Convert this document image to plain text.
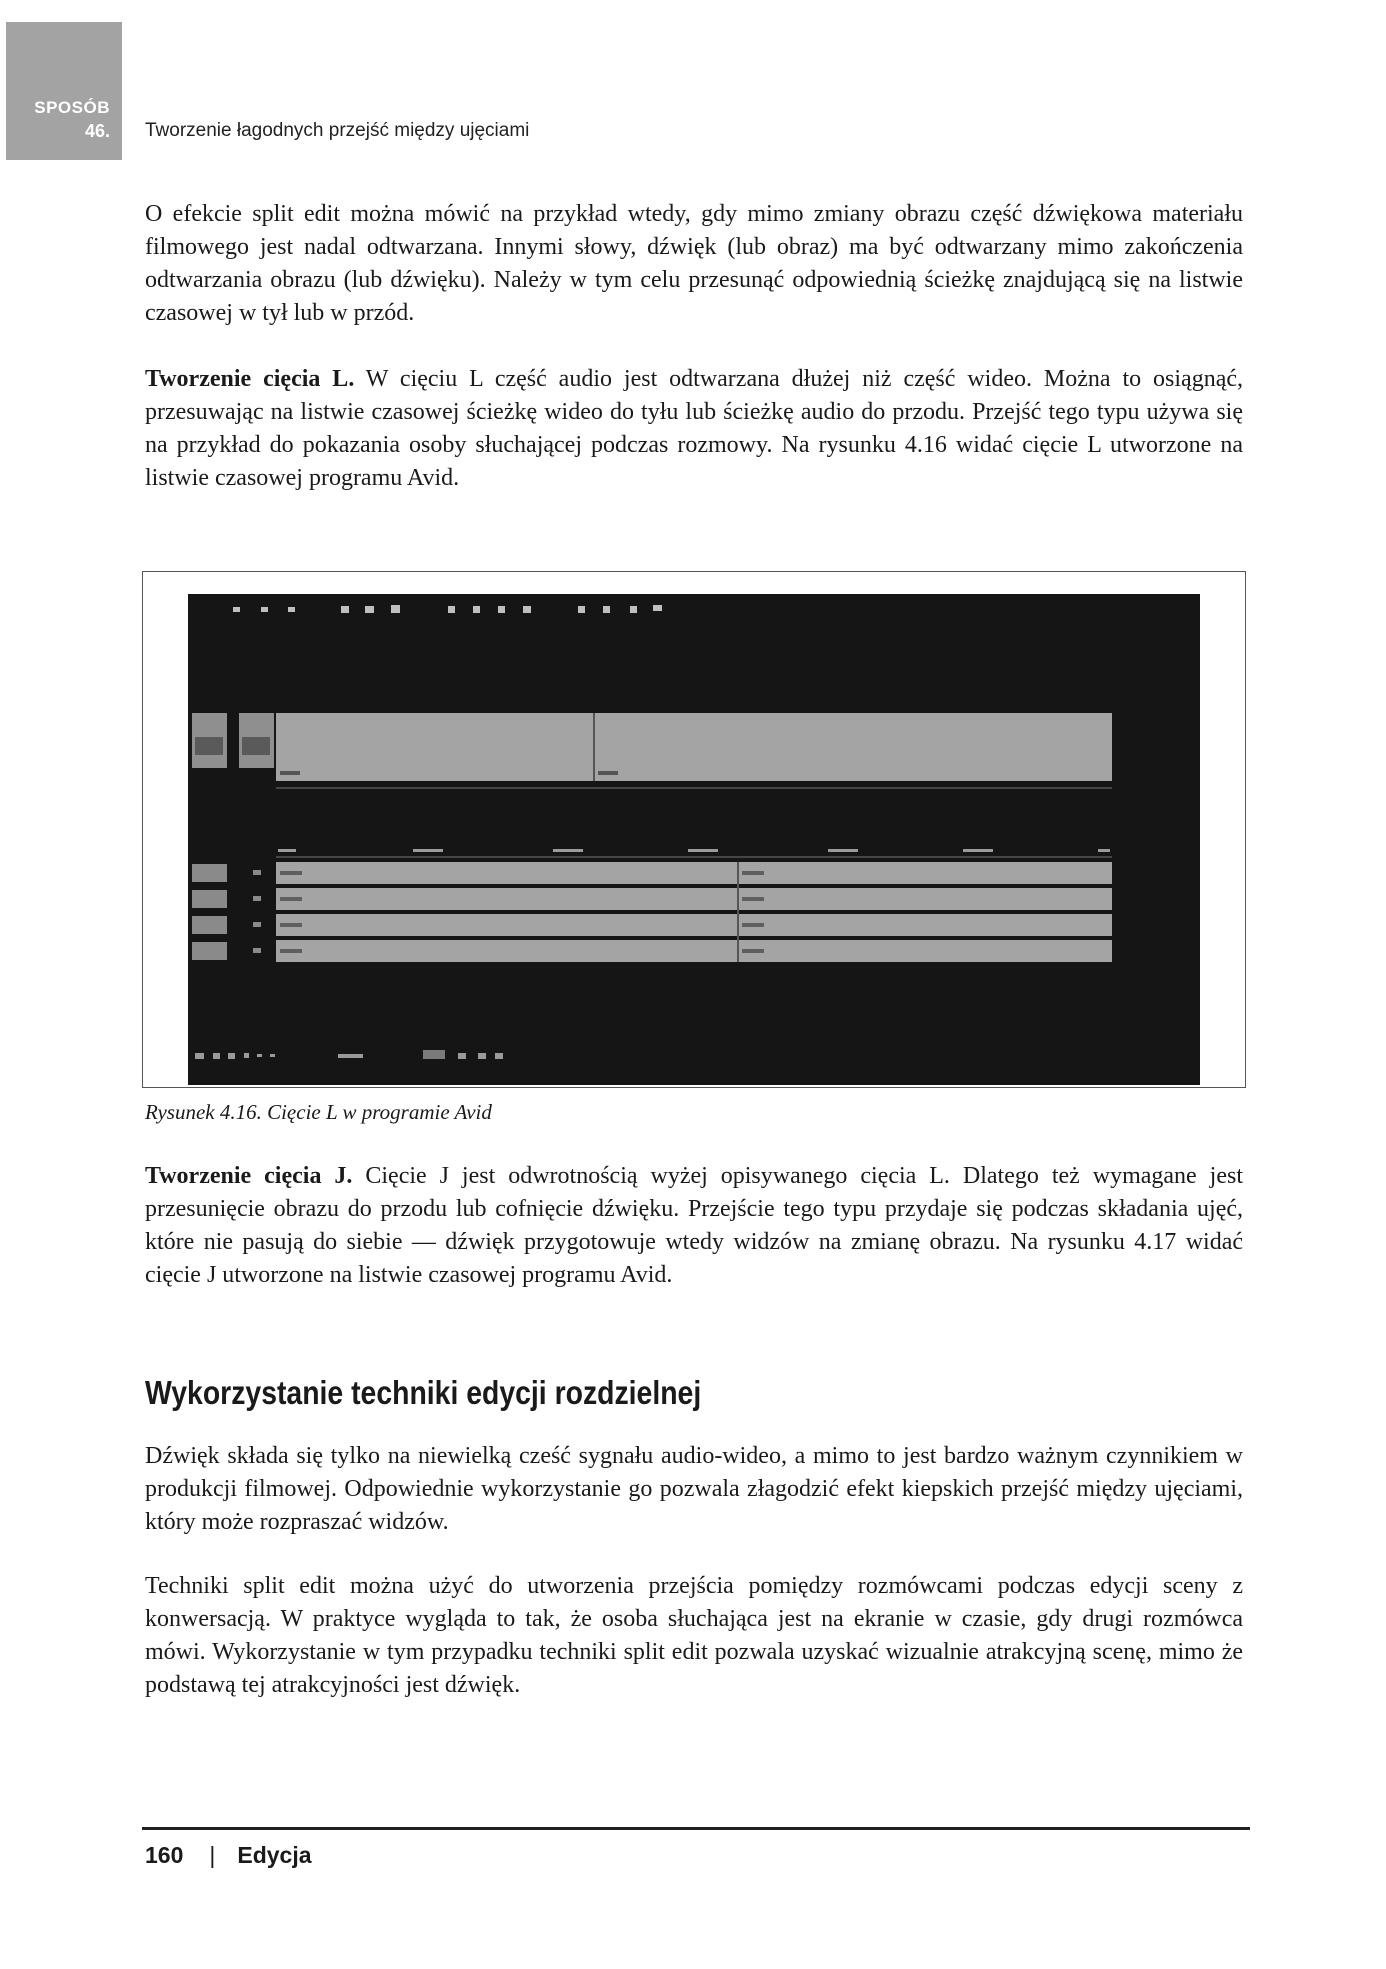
SPOSÓB
46. Tworzenie łagodnych przejść między ujęciami

O efekcie split edit można mówić na przykład wtedy, gdy mimo zmiany obrazu część dźwiękowa materiału filmowego jest nadal odtwarzana. Innymi słowy, dźwięk (lub obraz) ma być odtwarzany mimo zakończenia odtwarzania obrazu (lub dźwięku). Należy w tym celu przesunąć odpowiednią ścieżkę znajdującą się na listwie czasowej w tył lub w przód.

Tworzenie cięcia L. W cięciu L część audio jest odtwarzana dłużej niż część wideo. Można to osiągnąć, przesuwając na listwie czasowej ścieżkę wideo do tyłu lub ścieżkę audio do przodu. Przejść tego typu używa się na przykład do pokazania osoby słuchającej podczas rozmowy. Na rysunku 4.16 widać cięcie L utworzone na listwie czasowej programu Avid.

Rysunek 4.16. Cięcie L w programie Avid

Tworzenie cięcia J. Cięcie J jest odwrotnością wyżej opisywanego cięcia L. Dlatego też wymagane jest przesunięcie obrazu do przodu lub cofnięcie dźwięku. Przejście tego typu przydaje się podczas składania ujęć, które nie pasują do siebie — dźwięk przygotowuje wtedy widzów na zmianę obrazu. Na rysunku 4.17 widać cięcie J utworzone na listwie czasowej programu Avid.

Wykorzystanie techniki edycji rozdzielnej

Dźwięk składa się tylko na niewielką cześć sygnału audio-wideo, a mimo to jest bardzo ważnym czynnikiem w produkcji filmowej. Odpowiednie wykorzystanie go pozwala złagodzić efekt kiepskich przejść między ujęciami, który może rozpraszać widzów.

Techniki split edit można użyć do utworzenia przejścia pomiędzy rozmówcami podczas edycji sceny z konwersacją. W praktyce wygląda to tak, że osoba słuchająca jest na ekranie w czasie, gdy drugi rozmówca mówi. Wykorzystanie w tym przypadku techniki split edit pozwala uzyskać wizualnie atrakcyjną scenę, mimo że podstawą tej atrakcyjności jest dźwięk.

160 | Edycja
